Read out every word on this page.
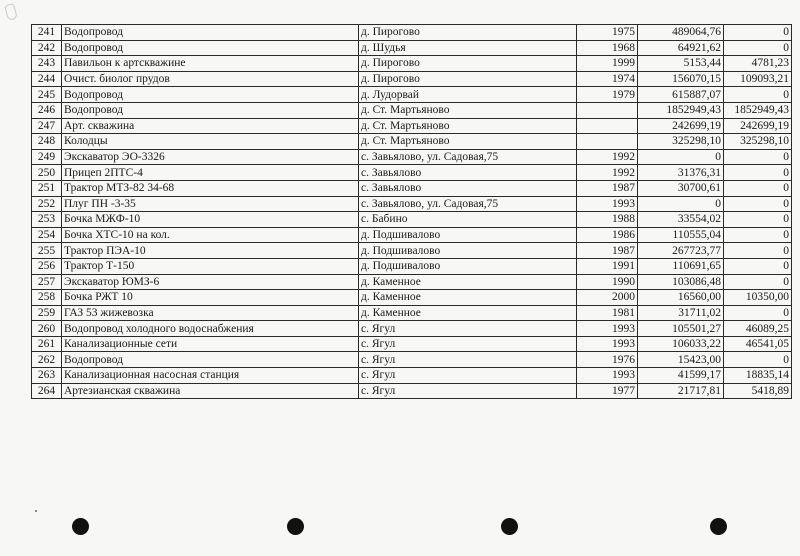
241	Водопровод	д. Пирогово	1975	489064,76	0
242	Водопровод	д. Шудья	1968	64921,62	0
243	Павильон к артскважине	д. Пирогово	1999	5153,44	4781,23
244	Очист. биолог прудов	д. Пирогово	1974	156070,15	109093,21
245	Водопровод	д. Лудорвай	1979	615887,07	0
246	Водопровод	д. Ст. Мартьяново		1852949,43	1852949,43
247	Арт. скважина	д. Ст. Мартьяново		242699,19	242699,19
248	Колодцы	д. Ст. Мартьяново		325298,10	325298,10
249	Экскаватор ЭО-3326	с. Завьялово, ул. Садовая,75	1992	0	0
250	Прицеп 2ПТС-4	с. Завьялово	1992	31376,31	0
251	Трактор МТЗ-82 34-68	с. Завьялово	1987	30700,61	0
252	Плуг ПН -3-35	с. Завьялово, ул. Садовая,75	1993	0	0
253	Бочка МЖФ-10	с. Бабино	1988	33554,02	0
254	Бочка ХТС-10 на кол.	д. Подшивалово	1986	110555,04	0
255	Трактор ПЭА-10	д. Подшивалово	1987	267723,77	0
256	Трактор Т-150	д. Подшивалово	1991	110691,65	0
257	Экскаватор ЮМЗ-6	д. Каменное	1990	103086,48	0
258	Бочка РЖТ 10	д. Каменное	2000	16560,00	10350,00
259	ГАЗ 53 жижевозка	д. Каменное	1981	31711,02	0
260	Водопровод холодного водоснабжения	с. Ягул	1993	105501,27	46089,25
261	Канализационные сети	с. Ягул	1993	106033,22	46541,05
262	Водопровод	с. Ягул	1976	15423,00	0
263	Канализационная насосная станция	с. Ягул	1993	41599,17	18835,14
264	Артезианская скважина	с. Ягул	1977	21717,81	5418,89
